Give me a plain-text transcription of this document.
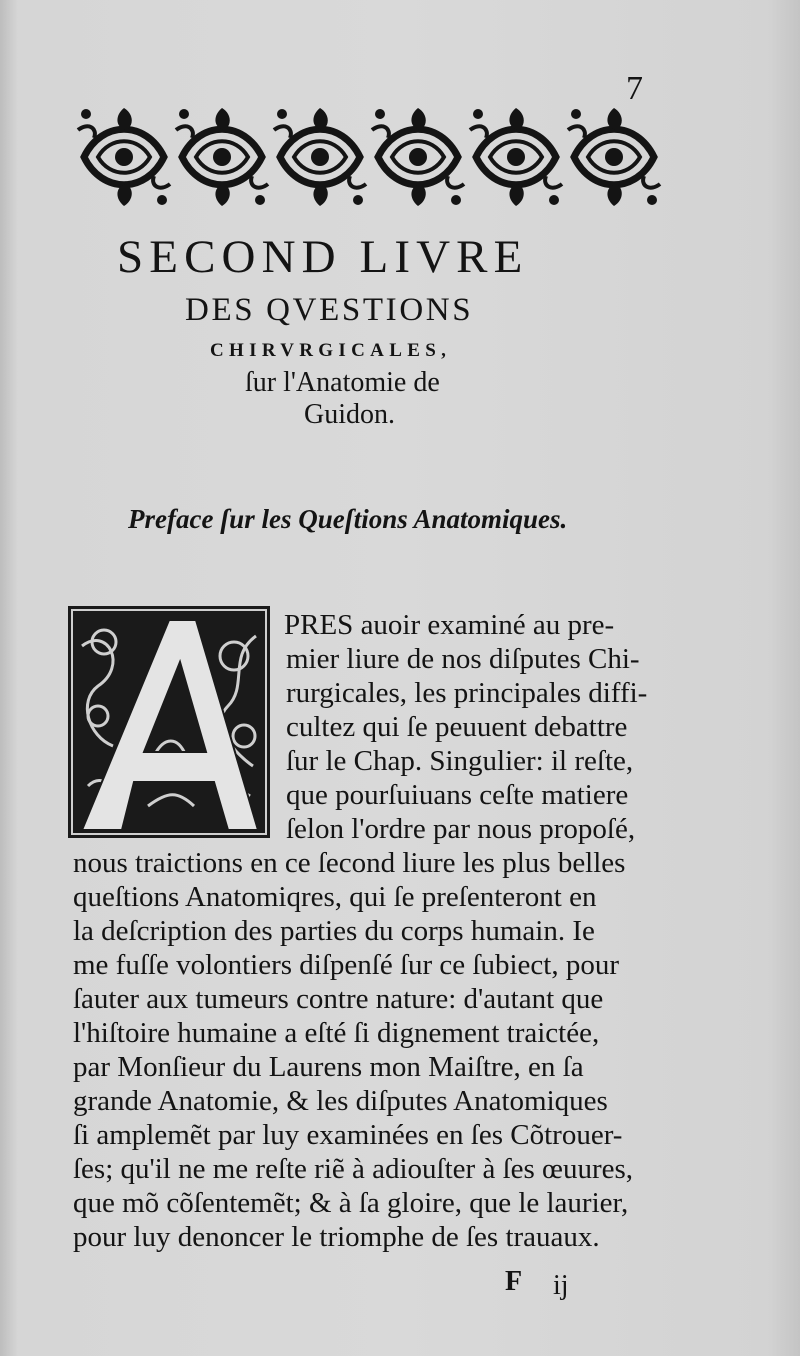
7
SECOND LIVRE
DES QVESTIONS
CHIRVRGICALES,
ſur l'Anatomie de
Guidon.
Preface ſur les Queſtions Anatomiques.
PRES auoir examiné au pre-
mier liure de nos diſputes Chi-
rurgicales, les principales diffi-
cultez qui ſe peuuent debattre
ſur le Chap. Singulier: il reſte,
que pourſuiuans ceſte matiere
ſelon l'ordre par nous propoſé,
nous traictions en ce ſecond liure les plus belles
queſtions Anatomiqres, qui ſe preſenteront en
la deſcription des parties du corps humain. Ie
me fuſſe volontiers diſpenſé ſur ce ſubiect, pour
ſauter aux tumeurs contre nature: d'autant que
l'hiſtoire humaine a eſté ſi dignement traictée,
par Monſieur du Laurens mon Maiſtre, en ſa
grande Anatomie, & les diſputes Anatomiques
ſi amplemẽt par luy examinées en ſes Cõtrouer-
ſes; qu'il ne me reſte riẽ à adiouſter à ſes œuures,
que mõ cõſentemẽt; & à ſa gloire, que le laurier,
pour luy denoncer le triomphe de ſes trauaux.
F ij
